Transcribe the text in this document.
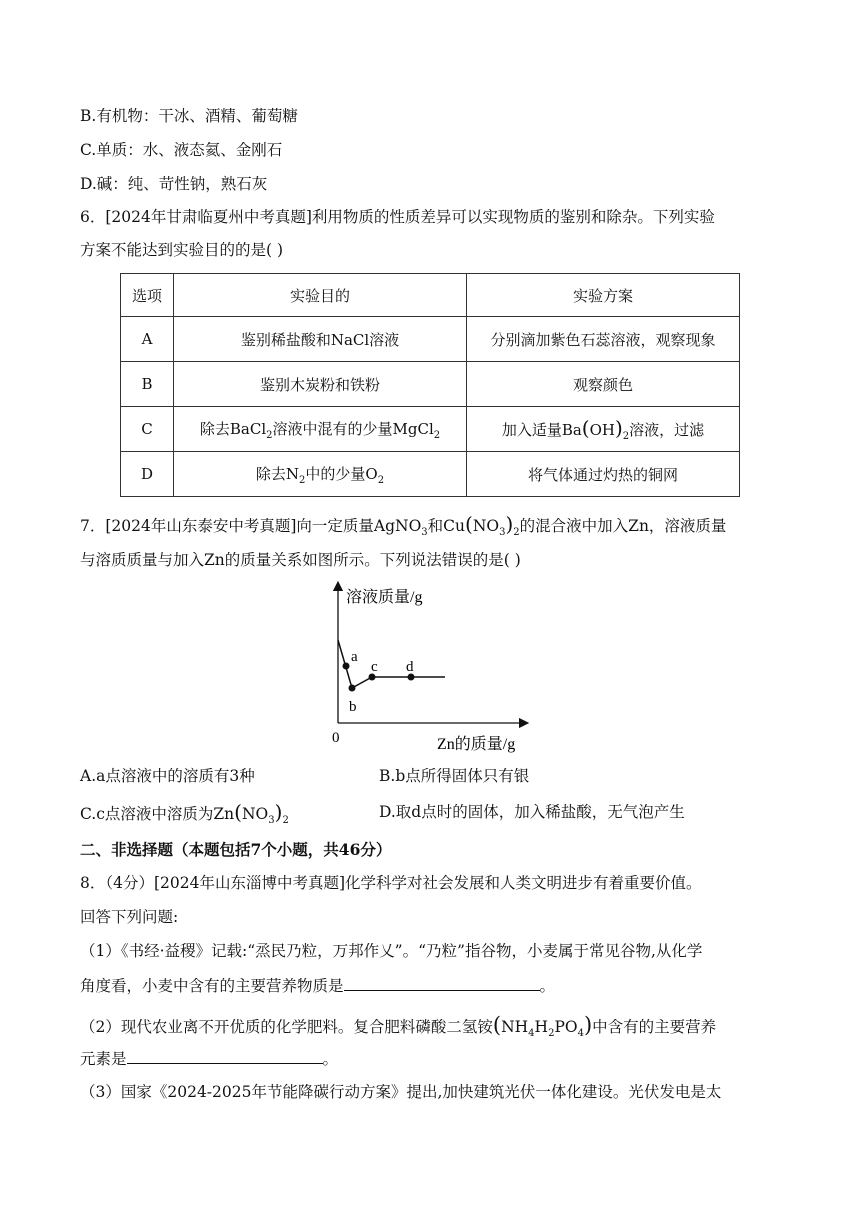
B.有机物：干冰、酒精、葡萄糖
C.单质：水、液态氦、金刚石
D.碱：纯、苛性钠，熟石灰
6．[2024年甘肃临夏州中考真题]利用物质的性质差异可以实现物质的鉴别和除杂。下列实验
方案不能达到实验目的的是( )
选项	实验目的	实验方案
A	鉴别稀盐酸和NaCl溶液	分别滴加紫色石蕊溶液，观察现象
B	鉴别木炭粉和铁粉	观察颜色
C	除去BaCl$_2$溶液中混有的少量MgCl$_2$	加入适量$Ba(OH)_2$溶液，过滤
D	除去$N_2$中的少量$O_2$	将气体通过灼热的铜网
7．[2024年山东泰安中考真题]向一定质量AgNO$_3$和$Cu(NO_3)_2$的混合液中加入Zn，溶液质量
与溶质质量与加入Zn的质量关系如图所示。下列说法错误的是( )
溶液质量/g
Zn的质量/g
0
a
b
c d
A.a点溶液中的溶质有3种	B.b点所得固体只有银
C.c点溶液中溶质为$Zn(NO_3)_2$	D.取d点时的固体，加入稀盐酸，无气泡产生
二、非选择题（本题包括7个小题，共46分）
8．（4分）[2024年山东淄博中考真题]化学科学对社会发展和人类文明进步有着重要价值。
回答下列问题:
（1）《书经·益稷》记载:“烝民乃粒，万邦作乂”。“乃粒”指谷物，小麦属于常见谷物,从化学
角度看，小麦中含有的主要营养物质是	。
（2）现代农业离不开优质的化学肥料。复合肥料磷酸二氢铵$(NH_4H_2PO_4)$中含有的主要营养
元素是	。
（3）国家《2024-2025年节能降碳行动方案》提出,加快建筑光伏一体化建设。光伏发电是太
